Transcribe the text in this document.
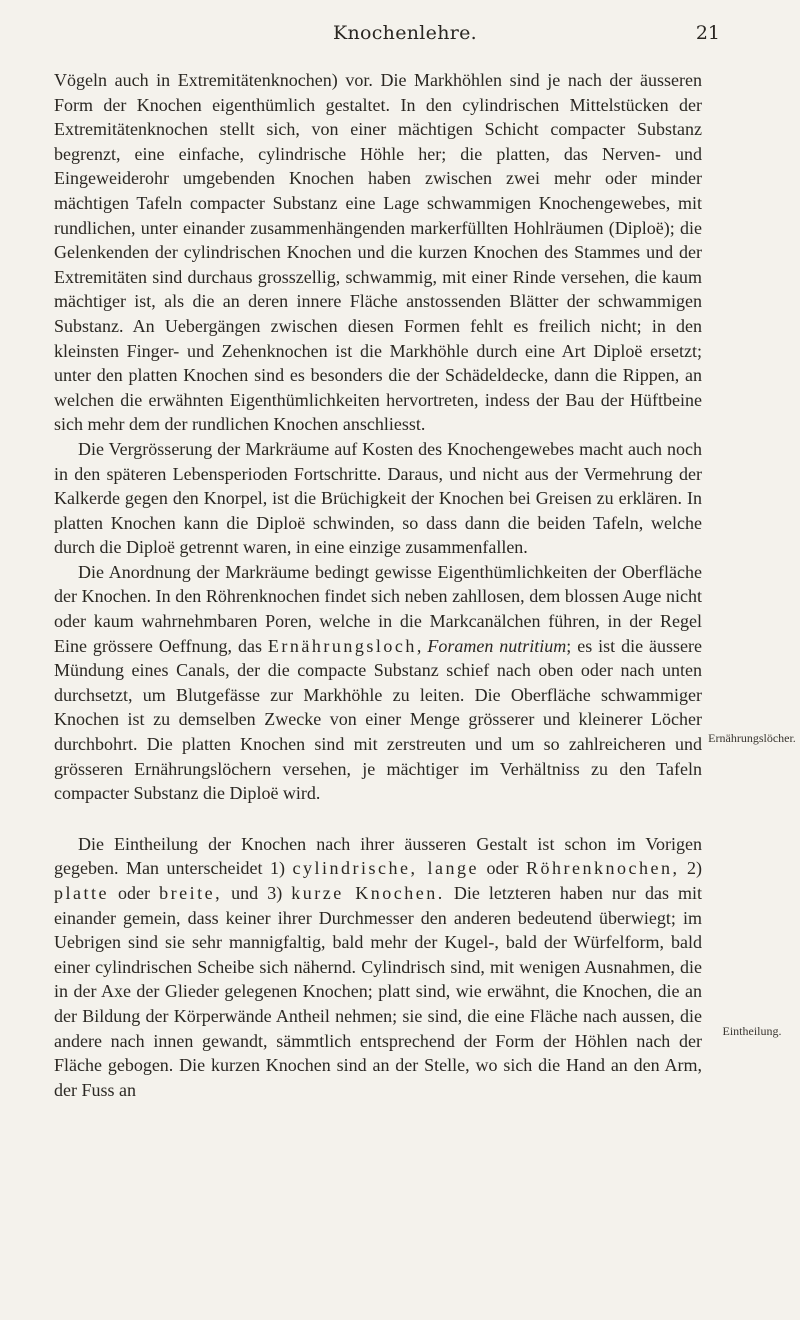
Knochenlehre.	21

Vögeln auch in Extremitätenknochen) vor. Die Markhöhlen sind je nach der äusseren Form der Knochen eigenthümlich gestaltet. In den cylindrischen Mittelstücken der Extremitätenknochen stellt sich, von einer mächtigen Schicht compacter Substanz begrenzt, eine einfache, cylindrische Höhle her; die platten, das Nerven- und Eingeweiderohr umgebenden Knochen haben zwischen zwei mehr oder minder mächtigen Tafeln compacter Substanz eine Lage schwammigen Knochengewebes, mit rundlichen, unter einander zusammenhängenden markerfüllten Hohlräumen (Diploë); die Gelenkenden der cylindrischen Knochen und die kurzen Knochen des Stammes und der Extremitäten sind durchaus grosszellig, schwammig, mit einer Rinde versehen, die kaum mächtiger ist, als die an deren innere Fläche anstossenden Blätter der schwammigen Substanz. An Uebergängen zwischen diesen Formen fehlt es freilich nicht; in den kleinsten Finger- und Zehenknochen ist die Markhöhle durch eine Art Diploë ersetzt; unter den platten Knochen sind es besonders die der Schädeldecke, dann die Rippen, an welchen die erwähnten Eigenthümlichkeiten hervortreten, indess der Bau der Hüftbeine sich mehr dem der rundlichen Knochen anschliesst.

Die Vergrösserung der Markräume auf Kosten des Knochengewebes macht auch noch in den späteren Lebensperioden Fortschritte. Daraus, und nicht aus der Vermehrung der Kalkerde gegen den Knorpel, ist die Brüchigkeit der Knochen bei Greisen zu erklären. In platten Knochen kann die Diploë schwinden, so dass dann die beiden Tafeln, welche durch die Diploë getrennt waren, in eine einzige zusammenfallen.

Die Anordnung der Markräume bedingt gewisse Eigenthümlichkeiten der Oberfläche der Knochen. In den Röhrenknochen findet sich neben zahllosen, dem blossen Auge nicht oder kaum wahrnehmbaren Poren, welche in die Markcanälchen führen, in der Regel Eine grössere Oeffnung, das Ernährungsloch, Foramen nutritium; es ist die äussere Mündung eines Canals, der die compacte Substanz schief nach oben oder nach unten durchsetzt, um Blutgefässe zur Markhöhle zu leiten. Die Oberfläche schwammiger Knochen ist zu demselben Zwecke von einer Menge grösserer und kleinerer Löcher durchbohrt. Die platten Knochen sind mit zerstreuten und um so zahlreicheren und grösseren Ernährungslöchern versehen, je mächtiger im Verhältniss zu den Tafeln compacter Substanz die Diploë wird.

Die Eintheilung der Knochen nach ihrer äusseren Gestalt ist schon im Vorigen gegeben. Man unterscheidet 1) cylindrische, lange oder Röhrenknochen, 2) platte oder breite, und 3) kurze Knochen. Die letzteren haben nur das mit einander gemein, dass keiner ihrer Durchmesser den anderen bedeutend überwiegt; im Uebrigen sind sie sehr mannigfaltig, bald mehr der Kugel-, bald der Würfelform, bald einer cylindrischen Scheibe sich nähernd. Cylindrisch sind, mit wenigen Ausnahmen, die in der Axe der Glieder gelegenen Knochen; platt sind, wie erwähnt, die Knochen, die an der Bildung der Körperwände Antheil nehmen; sie sind, die eine Fläche nach aussen, die andere nach innen gewandt, sämmtlich entsprechend der Form der Höhlen nach der Fläche gebogen. Die kurzen Knochen sind an der Stelle, wo sich die Hand an den Arm, der Fuss an

Ernährungslöcher.
Eintheilung.
